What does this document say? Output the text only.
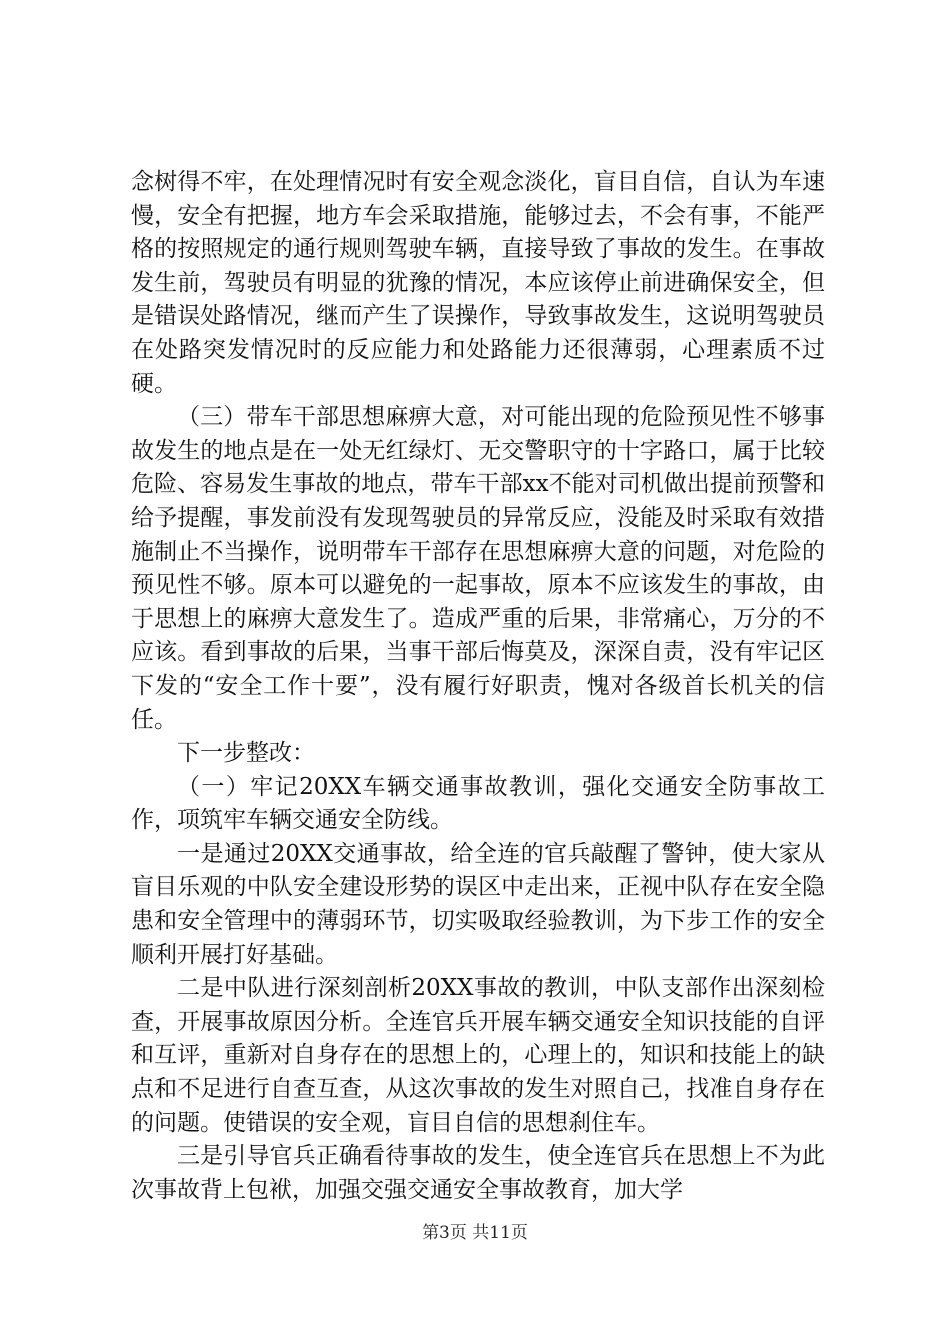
念树得不牢，在处理情况时有安全观念淡化，盲目自信，自认为车速慢，安全有把握，地方车会采取措施，能够过去，不会有事，不能严格的按照规定的通行规则驾驶车辆，直接导致了事故的发生。在事故发生前，驾驶员有明显的犹豫的情况，本应该停止前进确保安全，但是错误处路情况，继而产生了误操作，导致事故发生，这说明驾驶员在处路突发情况时的反应能力和处路能力还很薄弱，心理素质不过硬。

（三）带车干部思想麻痹大意，对可能出现的危险预见性不够事故发生的地点是在一处无红绿灯、无交警职守的十字路口，属于比较危险、容易发生事故的地点，带车干部xx不能对司机做出提前预警和给予提醒，事发前没有发现驾驶员的异常反应，没能及时采取有效措施制止不当操作，说明带车干部存在思想麻痹大意的问题，对危险的预见性不够。原本可以避免的一起事故，原本不应该发生的事故，由于思想上的麻痹大意发生了。造成严重的后果，非常痛心，万分的不应该。看到事故的后果，当事干部后悔莫及，深深自责，没有牢记区下发的“安全工作十要”，没有履行好职责，愧对各级首长机关的信任。

下一步整改：

（一）牢记20XX车辆交通事故教训，强化交通安全防事故工作，项筑牢车辆交通安全防线。

一是通过20XX交通事故，给全连的官兵敲醒了警钟，使大家从盲目乐观的中队安全建设形势的误区中走出来，正视中队存在安全隐患和安全管理中的薄弱环节，切实吸取经验教训，为下步工作的安全顺利开展打好基础。

二是中队进行深刻剖析20XX事故的教训，中队支部作出深刻检查，开展事故原因分析。全连官兵开展车辆交通安全知识技能的自评和互评，重新对自身存在的思想上的，心理上的，知识和技能上的缺点和不足进行自查互查，从这次事故的发生对照自己，找准自身存在的问题。使错误的安全观，盲目自信的思想刹住车。

三是引导官兵正确看待事故的发生，使全连官兵在思想上不为此次事故背上包袱，加强交强交通安全事故教育，加大学

第3页 共11页
